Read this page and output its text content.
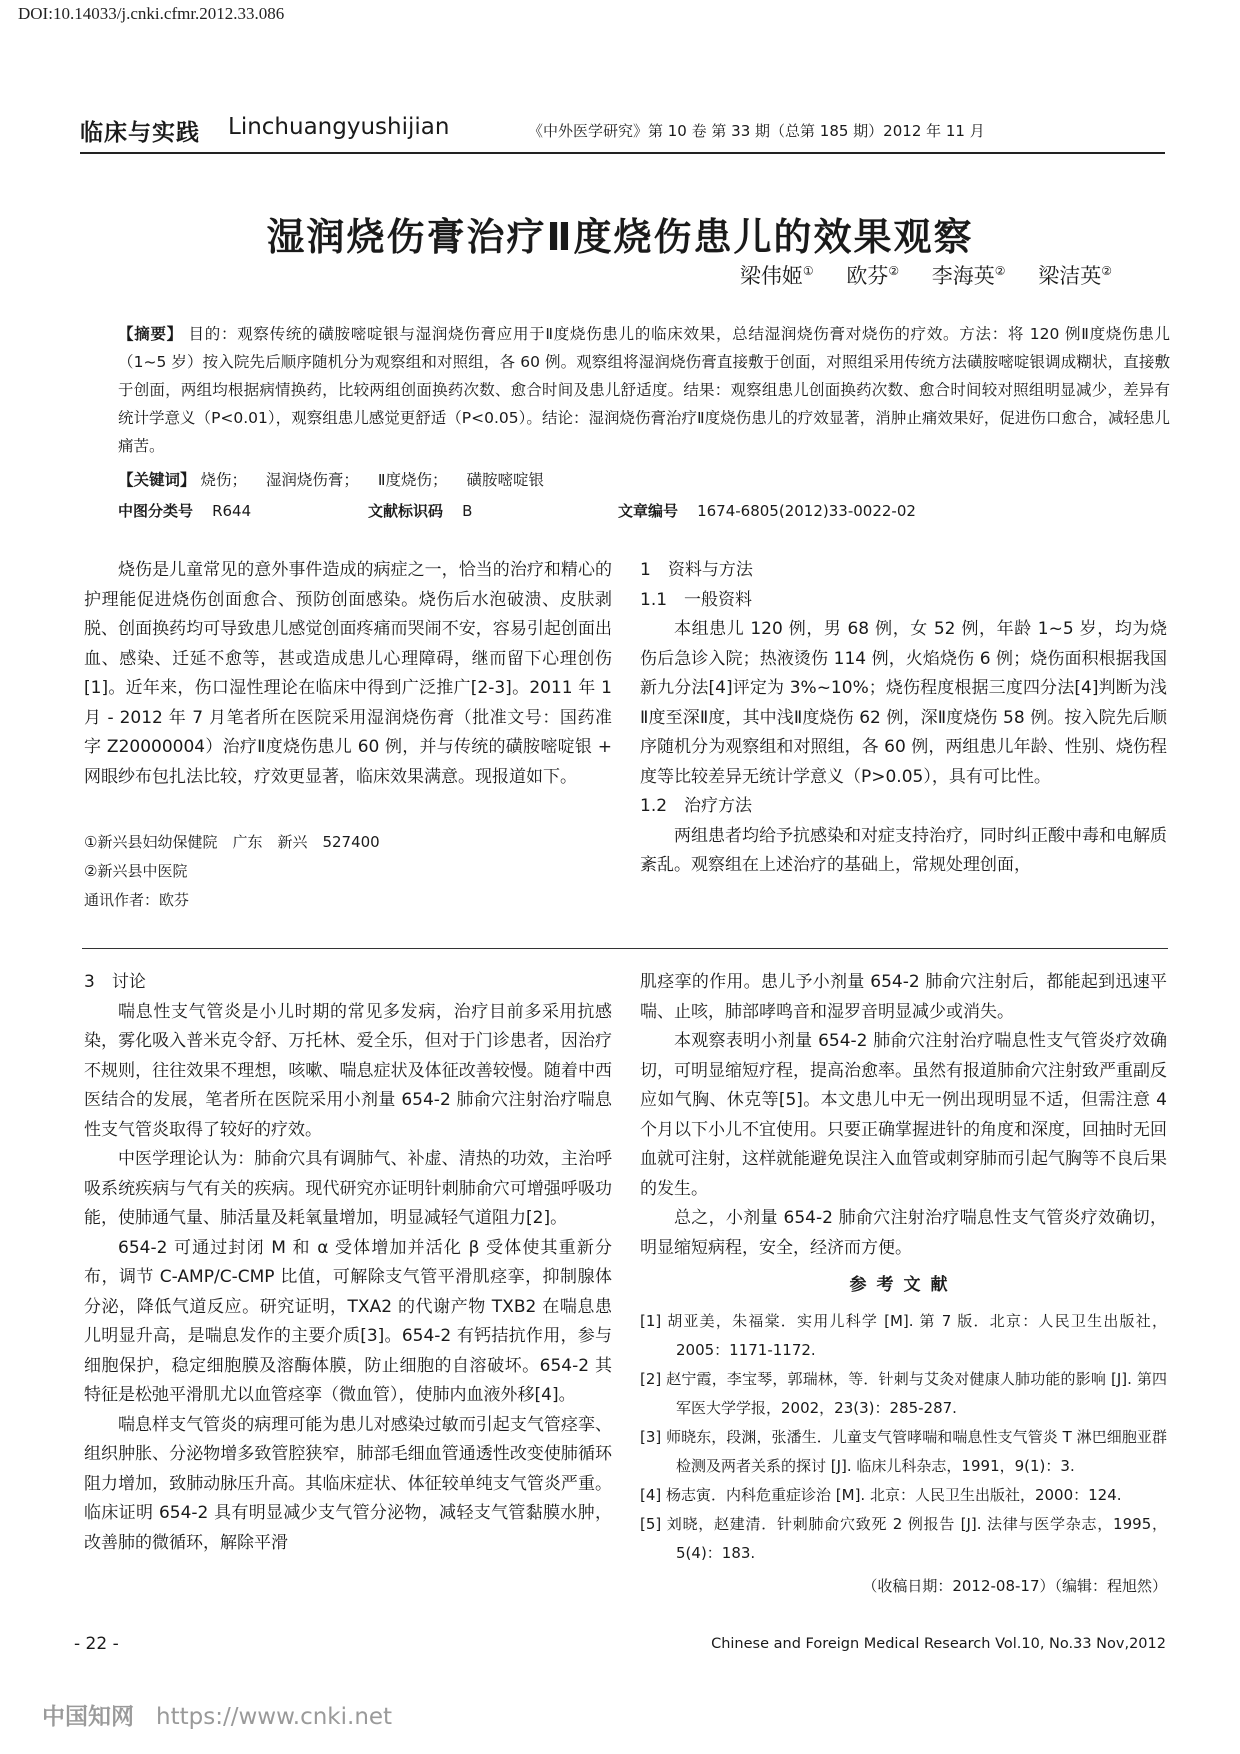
DOI:10.14033/j.cnki.cfmr.2012.33.086
临床与实践 Linchuangyushijian	《中外医学研究》第 10 卷 第 33 期（总第 185 期）2012 年 11 月
湿润烧伤膏治疗Ⅱ度烧伤患儿的效果观察
梁伟姬① 欧芬② 李海英② 梁洁英②
【摘要】 目的：观察传统的磺胺嘧啶银与湿润烧伤膏应用于Ⅱ度烧伤患儿的临床效果，总结湿润烧伤膏对烧伤的疗效。方法：将 120 例Ⅱ度烧伤患儿（1~5 岁）按入院先后顺序随机分为观察组和对照组，各 60 例。观察组将湿润烧伤膏直接敷于创面，对照组采用传统方法磺胺嘧啶银调成糊状，直接敷于创面，两组均根据病情换药，比较两组创面换药次数、愈合时间及患儿舒适度。结果：观察组患儿创面换药次数、愈合时间较对照组明显减少，差异有统计学意义（P<0.01），观察组患儿感觉更舒适（P<0.05）。结论：湿润烧伤膏治疗Ⅱ度烧伤患儿的疗效显著，消肿止痛效果好，促进伤口愈合，减轻患儿痛苦。
【关键词】 烧伤； 湿润烧伤膏； Ⅱ度烧伤； 磺胺嘧啶银
中图分类号 R644	文献标识码 B	文章编号 1674-6805(2012)33-0022-02

烧伤是儿童常见的意外事件造成的病症之一，恰当的治疗和精心的护理能促进烧伤创面愈合、预防创面感染。烧伤后水泡破溃、皮肤剥脱、创面换药均可导致患儿感觉创面疼痛而哭闹不安，容易引起创面出血、感染、迁延不愈等，甚或造成患儿心理障碍，继而留下心理创伤[1]。近年来，伤口湿性理论在临床中得到广泛推广[2-3]。2011 年 1 月 - 2012 年 7 月笔者所在医院采用湿润烧伤膏（批准文号：国药准字 Z20000004）治疗Ⅱ度烧伤患儿 60 例，并与传统的磺胺嘧啶银 + 网眼纱布包扎法比较，疗效更显著，临床效果满意。现报道如下。

①新兴县妇幼保健院　广东　新兴　527400
②新兴县中医院
通讯作者：欧芬

1　资料与方法

1.1　一般资料

本组患儿 120 例，男 68 例，女 52 例，年龄 1~5 岁，均为烧伤后急诊入院；热液烫伤 114 例，火焰烧伤 6 例；烧伤面积根据我国新九分法[4]评定为 3%~10%；烧伤程度根据三度四分法[4]判断为浅Ⅱ度至深Ⅱ度，其中浅Ⅱ度烧伤 62 例，深Ⅱ度烧伤 58 例。按入院先后顺序随机分为观察组和对照组，各 60 例，两组患儿年龄、性别、烧伤程度等比较差异无统计学意义（P>0.05），具有可比性。

1.2　治疗方法

两组患者均给予抗感染和对症支持治疗，同时纠正酸中毒和电解质紊乱。观察组在上述治疗的基础上，常规处理创面，

3　讨论

喘息性支气管炎是小儿时期的常见多发病，治疗目前多采用抗感染，雾化吸入普米克令舒、万托林、爱全乐，但对于门诊患者，因治疗不规则，往往效果不理想，咳嗽、喘息症状及体征改善较慢。随着中西医结合的发展，笔者所在医院采用小剂量 654-2 肺俞穴注射治疗喘息性支气管炎取得了较好的疗效。

中医学理论认为：肺俞穴具有调肺气、补虚、清热的功效，主治呼吸系统疾病与气有关的疾病。现代研究亦证明针刺肺俞穴可增强呼吸功能，使肺通气量、肺活量及耗氧量增加，明显减轻气道阻力[2]。

654-2 可通过封闭 M 和 α 受体增加并活化 β 受体使其重新分布，调节 C-AMP/C-CMP 比值，可解除支气管平滑肌痉挛，抑制腺体分泌，降低气道反应。研究证明，TXA2 的代谢产物 TXB2 在喘息患儿明显升高，是喘息发作的主要介质[3]。654-2 有钙拮抗作用，参与细胞保护，稳定细胞膜及溶酶体膜，防止细胞的自溶破坏。654-2 其特征是松弛平滑肌尤以血管痉挛（微血管），使肺内血液外移[4]。

喘息样支气管炎的病理可能为患儿对感染过敏而引起支气管痉挛、组织肿胀、分泌物增多致管腔狭窄，肺部毛细血管通透性改变使肺循环阻力增加，致肺动脉压升高。其临床症状、体征较单纯支气管炎严重。临床证明 654-2 具有明显减少支气管分泌物，减轻支气管黏膜水肿，改善肺的微循环，解除平滑

肌痉挛的作用。患儿予小剂量 654-2 肺俞穴注射后，都能起到迅速平喘、止咳，肺部哮鸣音和湿罗音明显减少或消失。

本观察表明小剂量 654-2 肺俞穴注射治疗喘息性支气管炎疗效确切，可明显缩短疗程，提高治愈率。虽然有报道肺俞穴注射致严重副反应如气胸、休克等[5]。本文患儿中无一例出现明显不适，但需注意 4 个月以下小儿不宜使用。只要正确掌握进针的角度和深度，回抽时无回血就可注射，这样就能避免误注入血管或刺穿肺而引起气胸等不良后果的发生。

总之，小剂量 654-2 肺俞穴注射治疗喘息性支气管炎疗效确切，明显缩短病程，安全，经济而方便。

参考文献
[1] 胡亚美，朱福棠．实用儿科学 [M]. 第 7 版．北京：人民卫生出版社，2005：1171-1172.
[2] 赵宁霞，李宝琴，郭瑞林，等．针刺与艾灸对健康人肺功能的影响 [J]. 第四军医大学学报，2002，23(3)：285-287.
[3] 师晓东，段渊，张潘生．儿童支气管哮喘和喘息性支气管炎 T 淋巴细胞亚群检测及两者关系的探讨 [J]. 临床儿科杂志，1991，9(1)：3.
[4] 杨志寅．内科危重症诊治 [M]. 北京：人民卫生出版社，2000：124.
[5] 刘晓，赵建清．针刺肺俞穴致死 2 例报告 [J]. 法律与医学杂志，1995，5(4)：183.
（收稿日期：2012-08-17）（编辑：程旭然）
- 22 -	Chinese and Foreign Medical Research Vol.10, No.33 Nov,2012
中国知网 https://www.cnki.net
